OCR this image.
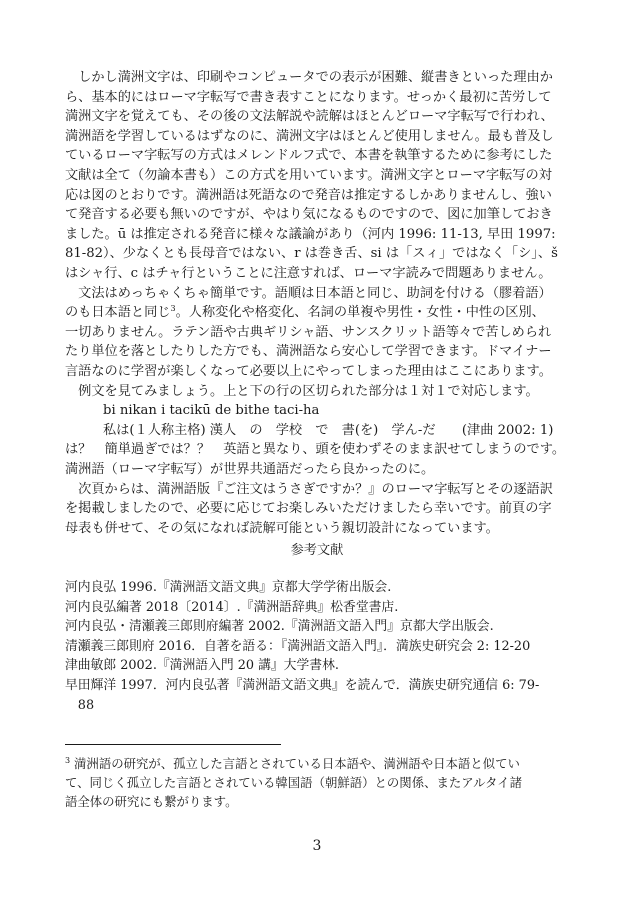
　しかし満洲文字は、印刷やコンピュータでの表示が困難、縦書きといった理由か
ら、基本的にはローマ字転写で書き表すことになります。せっかく最初に苦労して
満洲文字を覚えても、その後の文法解説や読解はほとんどローマ字転写で行われ、
満洲語を学習しているはずなのに、満洲文字はほとんど使用しません。最も普及し
ているローマ字転写の方式はメレンドルフ式で、本書を執筆するために参考にした
文献は全て（勿論本書も）この方式を用いています。満洲文字とローマ字転写の対
応は図のとおりです。満洲語は死語なので発音は推定するしかありませんし、強い
て発音する必要も無いのですが、やはり気になるものですので、図に加筆しておき
ました。ū は推定される発音に様々な議論があり（河内 1996: 11-13, 早田 1997:
81-82）、少なくとも長母音ではない、r は巻き舌、si は「スィ」ではなく「シ」、š
はシャ行、c はチャ行ということに注意すれば、ローマ字読みで問題ありません。
　文法はめっちゃくちゃ簡単です。語順は日本語と同じ、助詞を付ける（膠着語）
のも日本語と同じ$^3$。人称変化や格変化、名詞の単複や男性・女性・中性の区別、
一切ありません。ラテン語や古典ギリシャ語、サンスクリット語等々で苦しめられ
たり単位を落としたりした方でも、満洲語なら安心して学習できます。ドマイナー
言語なのに学習が楽しくなって必要以上にやってしまった理由はここにあります。
　例文を見てみましょう。上と下の行の区切られた部分は１対１で対応します。
bi nikan i tacikū de bithe taci-ha
私は(１人称主格) 漢人　の　学校　で　書(を)　学ん-だ　　(津曲 2002: 1)
は？　簡単過ぎでは？？　英語と異なり、頭を使わずそのまま訳せてしまうのです。
満洲語（ローマ字転写）が世界共通語だったら良かったのに。
　次頁からは、満洲語版『ご注文はうさぎですか？』のローマ字転写とその逐語訳
を掲載しましたので、必要に応じてお楽しみいただけましたら幸いです。前頁の字
母表も併せて、その気になれば読解可能という親切設計になっています。
参考文献
河内良弘 1996.『満洲語文語文典』京都大学学術出版会.
河内良弘編著 2018〔2014〕.『満洲語辞典』松香堂書店.
河内良弘・清瀬義三郎則府編著 2002.『満洲語文語入門』京都大学出版会.
清瀬義三郎則府 2016．自著を語る：『満洲語文語入門』．満族史研究会 2: 12-20
津曲敏郎 2002.『満洲語入門 20 講』大学書林.
早田輝洋 1997．河内良弘著『満洲語文語文典』を読んで．満族史研究通信 6: 79-
　88
$^3$ 満洲語の研究が、孤立した言語とされている日本語や、満洲語や日本語と似てい
て、同じく孤立した言語とされている韓国語（朝鮮語）との関係、またアルタイ諸
語全体の研究にも繋がります。

3
